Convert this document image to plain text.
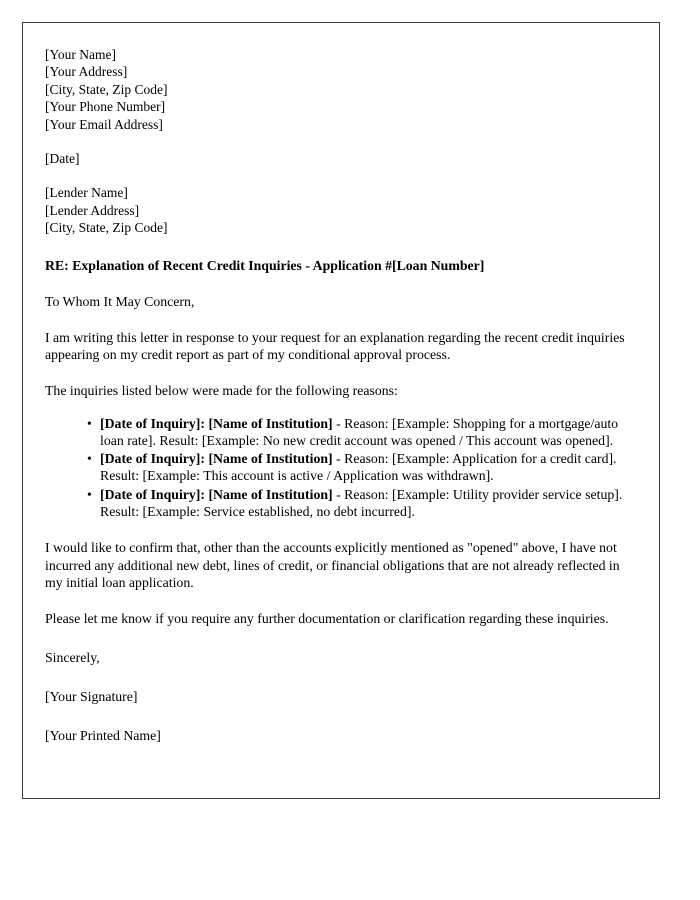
[Your Name]
[Your Address]
[City, State, Zip Code]
[Your Phone Number]
[Your Email Address]
[Date]
[Lender Name]
[Lender Address]
[City, State, Zip Code]
RE: Explanation of Recent Credit Inquiries - Application #[Loan Number]
To Whom It May Concern,
I am writing this letter in response to your request for an explanation regarding the recent credit inquiries appearing on my credit report as part of my conditional approval process.
The inquiries listed below were made for the following reasons:
• [Date of Inquiry]: [Name of Institution] - Reason: [Example: Shopping for a mortgage/auto loan rate]. Result: [Example: No new credit account was opened / This account was opened].
• [Date of Inquiry]: [Name of Institution] - Reason: [Example: Application for a credit card]. Result: [Example: This account is active / Application was withdrawn].
• [Date of Inquiry]: [Name of Institution] - Reason: [Example: Utility provider service setup]. Result: [Example: Service established, no debt incurred].
I would like to confirm that, other than the accounts explicitly mentioned as "opened" above, I have not incurred any additional new debt, lines of credit, or financial obligations that are not already reflected in my initial loan application.
Please let me know if you require any further documentation or clarification regarding these inquiries.
Sincerely,
[Your Signature]
[Your Printed Name]
